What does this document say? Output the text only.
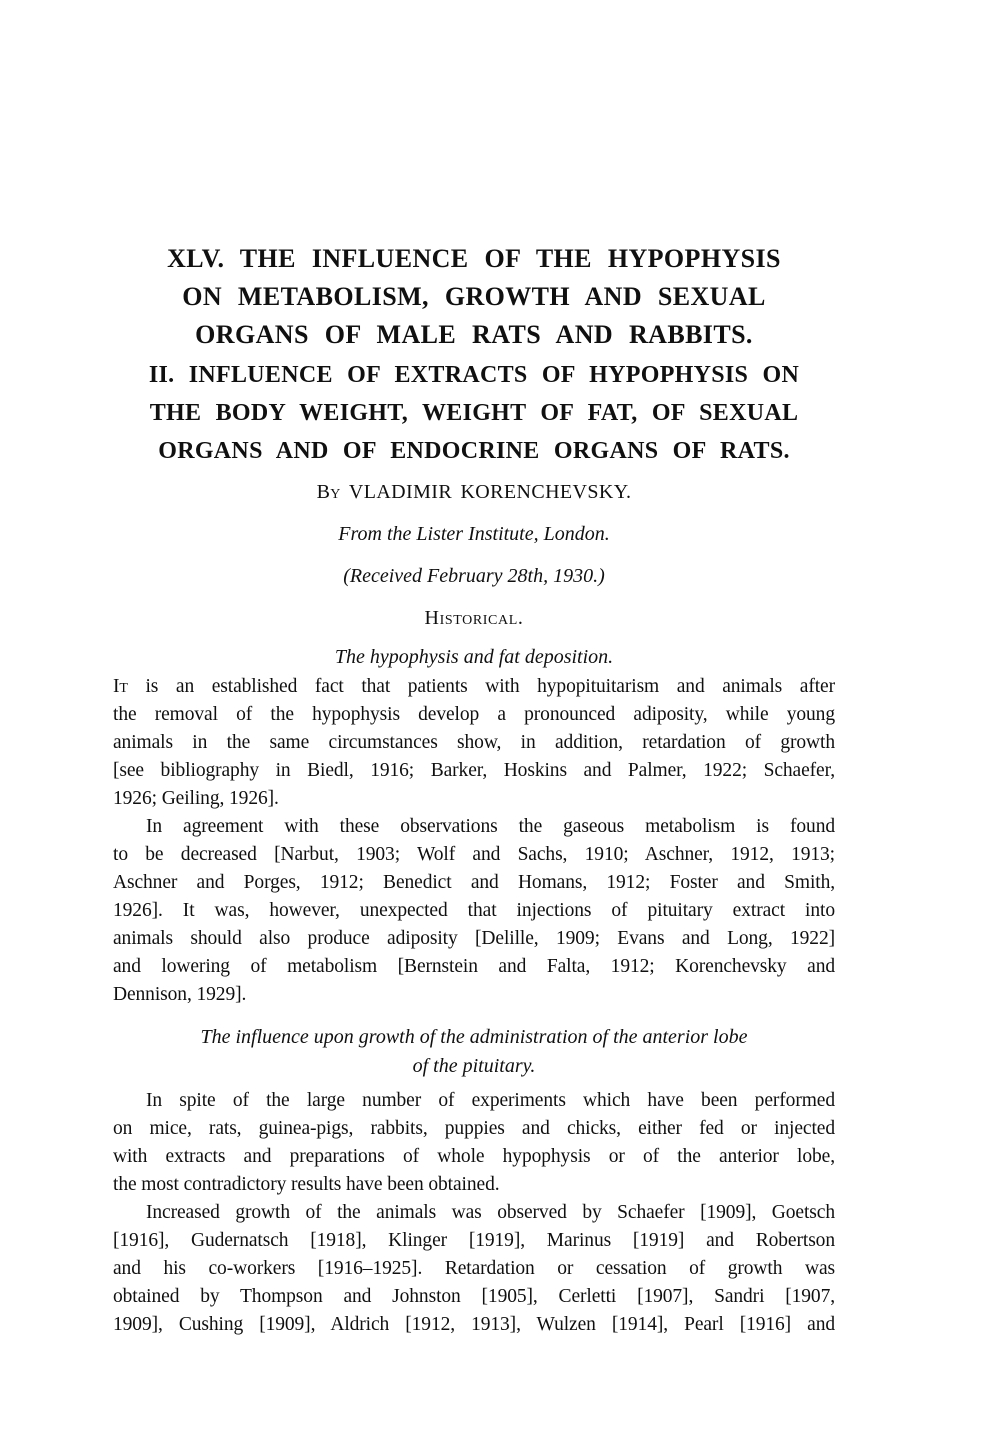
XLV. THE INFLUENCE OF THE HYPOPHYSIS
ON METABOLISM, GROWTH AND SEXUAL
ORGANS OF MALE RATS AND RABBITS.
II. INFLUENCE OF EXTRACTS OF HYPOPHYSIS ON
THE BODY WEIGHT, WEIGHT OF FAT, OF SEXUAL
ORGANS AND OF ENDOCRINE ORGANS OF RATS.
By VLADIMIR KORENCHEVSKY.
From the Lister Institute, London.
(Received February 28th, 1930.)
Historical.
The hypophysis and fat deposition.
It is an established fact that patients with hypopituitarism and animals after
the removal of the hypophysis develop a pronounced adiposity, while young
animals in the same circumstances show, in addition, retardation of growth
[see bibliography in Biedl, 1916; Barker, Hoskins and Palmer, 1922; Schaefer,
1926; Geiling, 1926].
In agreement with these observations the gaseous metabolism is found
to be decreased [Narbut, 1903; Wolf and Sachs, 1910; Aschner, 1912, 1913;
Aschner and Porges, 1912; Benedict and Homans, 1912; Foster and Smith,
1926]. It was, however, unexpected that injections of pituitary extract into
animals should also produce adiposity [Delille, 1909; Evans and Long, 1922]
and lowering of metabolism [Bernstein and Falta, 1912; Korenchevsky and
Dennison, 1929].
The influence upon growth of the administration of the anterior lobe
of the pituitary.
In spite of the large number of experiments which have been performed
on mice, rats, guinea-pigs, rabbits, puppies and chicks, either fed or injected
with extracts and preparations of whole hypophysis or of the anterior lobe,
the most contradictory results have been obtained.
Increased growth of the animals was observed by Schaefer [1909], Goetsch
[1916], Gudernatsch [1918], Klinger [1919], Marinus [1919] and Robertson
and his co-workers [1916–1925]. Retardation or cessation of growth was
obtained by Thompson and Johnston [1905], Cerletti [1907], Sandri [1907,
1909], Cushing [1909], Aldrich [1912, 1913], Wulzen [1914], Pearl [1916] and
